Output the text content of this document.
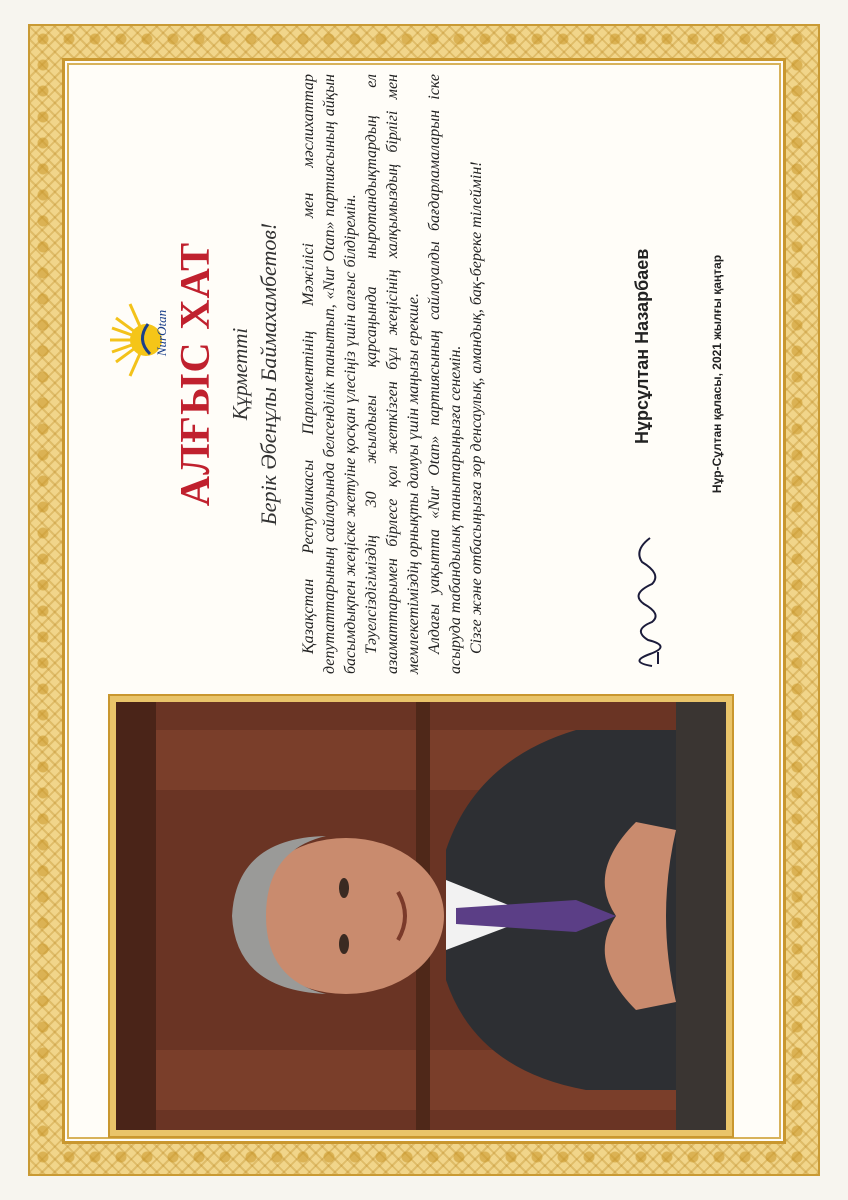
NurOtan АЛҒЫС ХАТ Құрметті Берік Әбенұлы Баймахамбетов! Қазақстан Республикасы Парламентінің Мәжілісі мен мәслихаттар депутаттарының сайлауында белсенділік танытып, «Nur Otan» партиясының айқын басымдықпен жеңіске жетуіне қосқан үлесіңіз үшін алғыс білдіремін. Тәуелсіздігіміздің 30 жылдығы қарсаңында ныротандықтардың ел азаматтарымен бірлесе қол жеткізген бұл жеңісінің халқымыздың бірлігі мен мемлекетіміздің орнықты дамуы үшін маңызы ерекше. Алдағы уақытта «Nur Otan» партиясының сайлауалды бағдарламаларын іске асыруда табандылық танытарыңызға сенемін. Сізге және отбасыңызға зор денсаулық, амандық, бақ-береке тілеймін!	Нұрсұлтан Назарбаев	Нұр-Сұлтан қаласы, 2021 жылғы қаңтар
